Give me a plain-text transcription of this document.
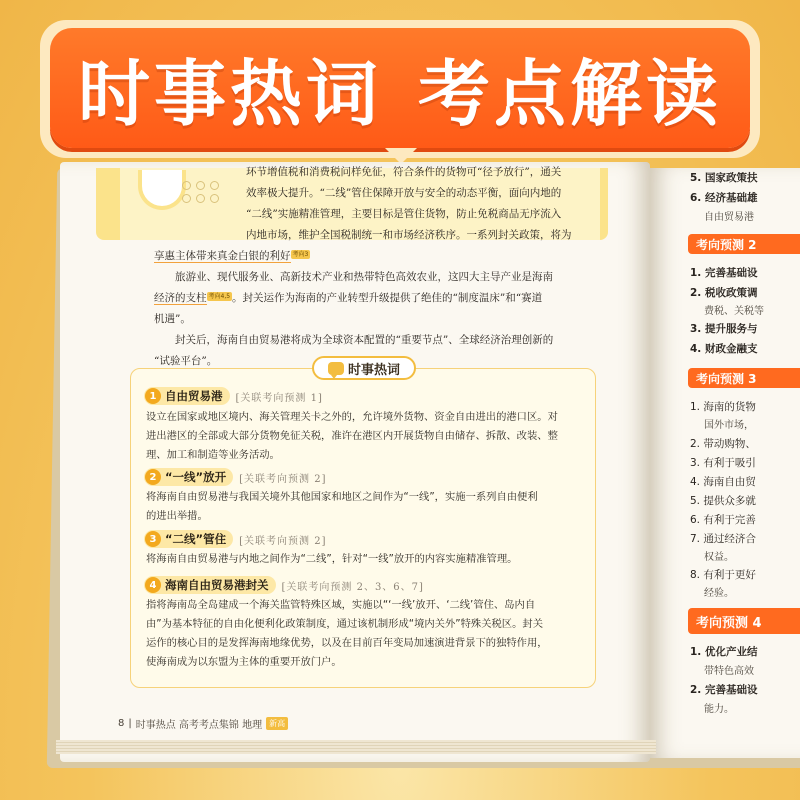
时事热词 考点解读
环节增值税和消费税问样免征，符合条件的货物可“径予放行”，通关
效率极大提升。“二线”管住保障开放与安全的动态平衡，面向内地的
“二线”实施精准管理，主要目标是管住货物，防止免税商品无序流入
内地市场，维护全国税制统一和市场经济秩序。一系列封关政策，将为
享惠主体带来真金白银的利好 考向3
旅游业、现代服务业、高新技术产业和热带特色高效农业，这四大主导产业是海南
经济的支柱 考向4,5 。封关运作为海南的产业转型升级提供了绝佳的“制度温床”和“赛道
机遇”。
封关后，海南自由贸易港将成为全球资本配置的“重要节点”、全球经济治理创新的
“试验平台”。
时事热词
1 自由贸易港 [关联考向预测 1]
设立在国家或地区境内、海关管理关卡之外的，允许境外货物、资金自由进出的港口区。对
进出港区的全部或大部分货物免征关税，准许在港区内开展货物自由储存、拆散、改装、整
理、加工和制造等业务活动。
2 “一线”放开 [关联考向预测 2]
将海南自由贸易港与我国关境外其他国家和地区之间作为“一线”，实施一系列自由便利
的进出举措。
3 “二线”管住 [关联考向预测 2]
将海南自由贸易港与内地之间作为“二线”，针对“一线”放开的内容实施精准管理。
4 海南自由贸易港封关 [关联考向预测 2、3、6、7]
指将海南岛全岛建成一个海关监管特殊区域，实施以“‘一线’放开、‘二线’管住、岛内自
由”为基本特征的自由化便利化政策制度，通过该机制形成“境内关外”特殊关税区。封关
运作的核心目的是发挥海南地缘优势，以及在目前百年变局加速演进背景下的独特作用，
使海南成为以东盟为主体的重要开放门户。
8 | 时事热点 高考考点集锦 地理 新高
5. 国家政策扶
6. 经济基础雄
自由贸易港
考向预测 2
1. 完善基础设
2. 税收政策调
费税、关税等
3. 提升服务与
4. 财政金融支
考向预测 3
1. 海南的货物
国外市场，
2. 带动购物、
3. 有利于吸引
4. 海南自由贸
5. 提供众多就
6. 有利于完善
7. 通过经济合
权益。
8. 有利于更好
经验。
考向预测 4
1. 优化产业结
带特色高效
2. 完善基础设
能力。
